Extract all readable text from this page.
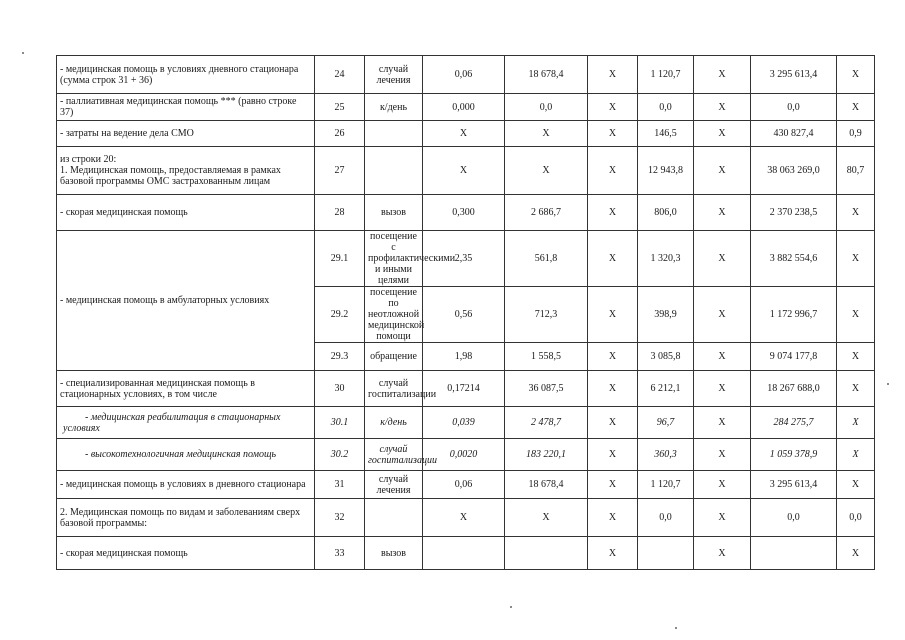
- медицинская помощь в условиях дневного стационара (сумма строк 31 + 36)	24	случай лечения	0,06	18 678,4	X	1 120,7	X	3 295 613,4	X
- паллиативная медицинская помощь *** (равно строке 37)	25	к/день	0,000	0,0	X	0,0	X	0,0	X
- затраты на ведение дела СМО	26		X	X	X	146,5	X	430 827,4	0,9

из строки 20:
1. Медицинская помощь, предоставляемая в рамках базовой программы ОМС застрахованным лицам	27		X	X	X	12 943,8	X	38 063 269,0	80,7
- скорая медицинская помощь	28	вызов	0,300	2 686,7	X	806,0	X	2 370 238,5	X
- медицинская помощь в амбулаторных условиях	29.1	посещение с профилактическими и иными целями	2,35	561,8	X	1 320,3	X	3 882 554,6	X
	29.2	посещение по неотложной медицинской помощи	0,56	712,3	X	398,9	X	1 172 996,7	X
	29.3	обращение	1,98	1 558,5	X	3 085,8	X	9 074 177,8	X
- специализированная медицинская помощь в стационарных условиях, в том числе	30	случай госпитализации	0,17214	36 087,5	X	6 212,1	X	18 267 688,0	X
- медицинская реабилитация в стационарных условиях	30.1	к/день	0,039	2 478,7	X	96,7	X	284 275,7	X
- высокотехнологичная медицинская помощь	30.2	случай госпитализации	0,0020	183 220,1	X	360,3	X	1 059 378,9	X
- медицинская помощь в условиях в дневного стационара	31	случай лечения	0,06	18 678,4	X	1 120,7	X	3 295 613,4	X
2. Медицинская помощь по видам и заболеваниям сверх базовой программы:	32		X	X	X	0,0	X	0,0	0,0
- скорая медицинская помощь	33	вызов			X		X		X
